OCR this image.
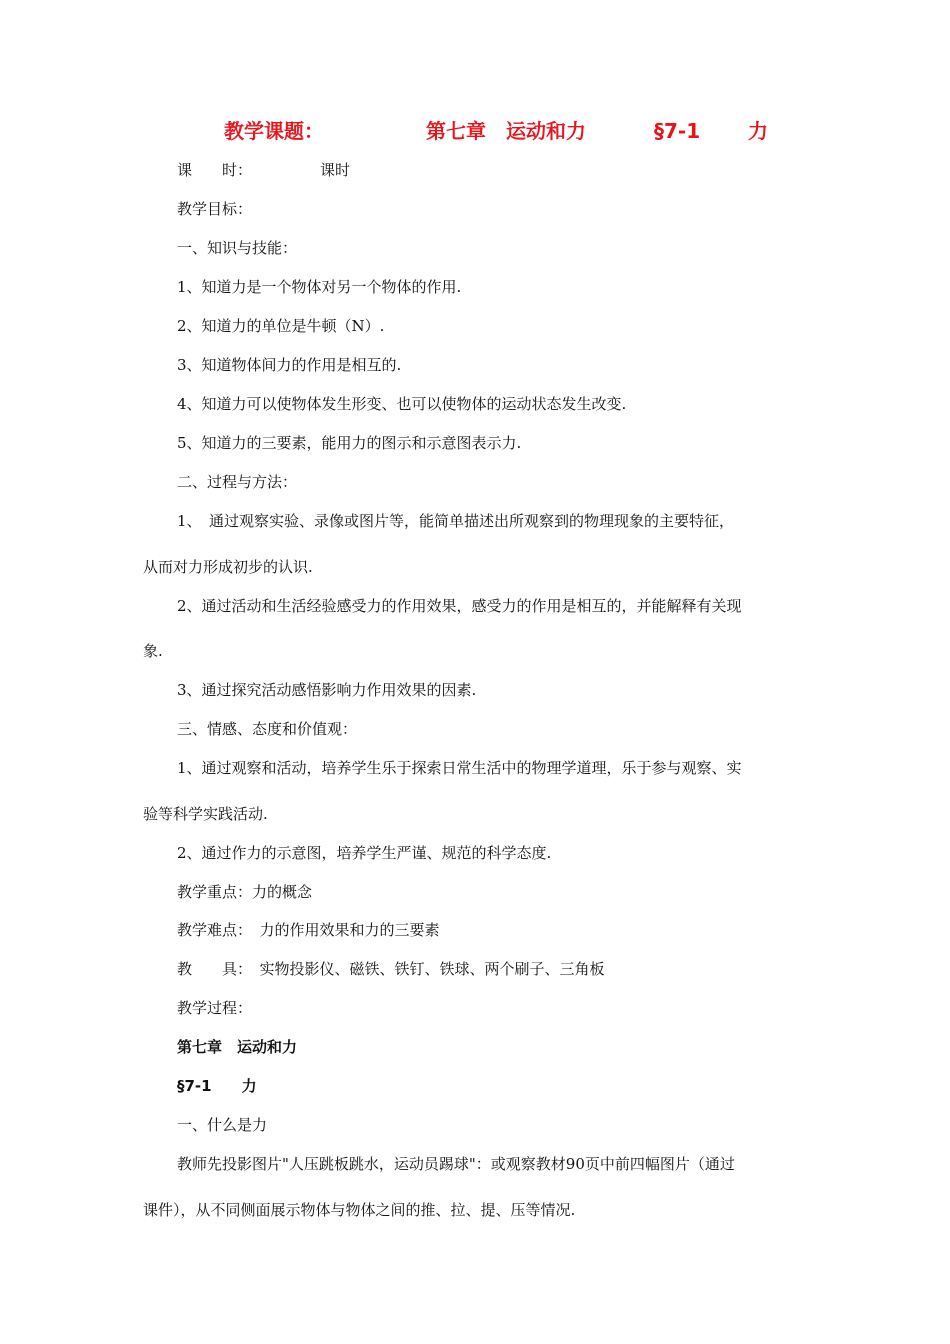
教学课题：	第七章　运动和力	§7-1 力
课　　时：	课时
教学目标：
一、知识与技能：
1、知道力是一个物体对另一个物体的作用.
2、知道力的单位是牛顿（N）.
3、知道物体间力的作用是相互的.
4、知道力可以使物体发生形变、也可以使物体的运动状态发生改变.
5、知道力的三要素，能用力的图示和示意图表示力.
二、过程与方法：
1、　通过观察实验、录像或图片等，能简单描述出所观察到的物理现象的主要特征，
从而对力形成初步的认识.
2、通过活动和生活经验感受力的作用效果，感受力的作用是相互的，并能解释有关现
象.
3、通过探究活动感悟影响力作用效果的因素.
三、情感、态度和价值观：
1、通过观察和活动，培养学生乐于探索日常生活中的物理学道理，乐于参与观察、实
验等科学实践活动.
2、通过作力的示意图，培养学生严谨、规范的科学态度.
教学重点：力的概念
教学难点：　力的作用效果和力的三要素
教　　具：　实物投影仪、磁铁、铁钉、铁球、两个刷子、三角板
教学过程：
第七章　运动和力
§7-1　　力
一、什么是力
教师先投影图片"人压跳板跳水，运动员踢球"：或观察教材90页中前四幅图片（通过
课件），从不同侧面展示物体与物体之间的推、拉、提、压等情况.
